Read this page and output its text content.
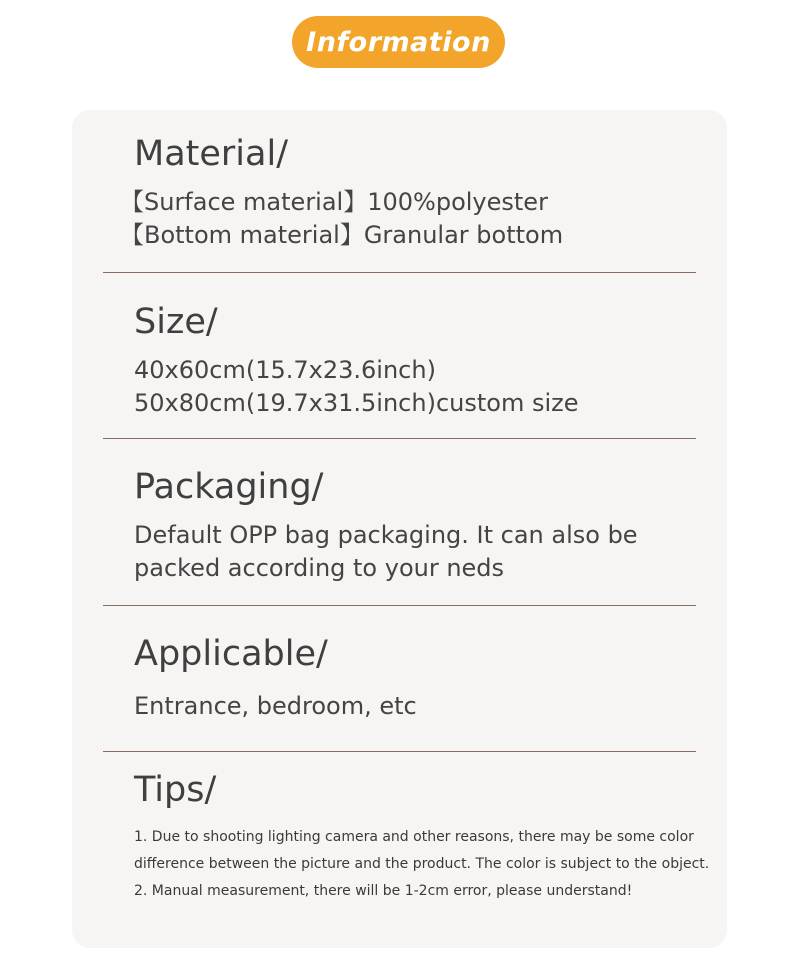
Information
Material/
【Surface material】100%polyester
【Bottom material】Granular bottom
Size/
40x60cm(15.7x23.6inch)
50x80cm(19.7x31.5inch)custom size
Packaging/
Default OPP bag packaging. It can also be
packed according to your neds
Applicable/
Entrance, bedroom, etc
Tips/
1. Due to shooting lighting camera and other reasons, there may be some color
difference between the picture and the product. The color is subject to the object.
2. Manual measurement, there will be 1-2cm error, please understand!
